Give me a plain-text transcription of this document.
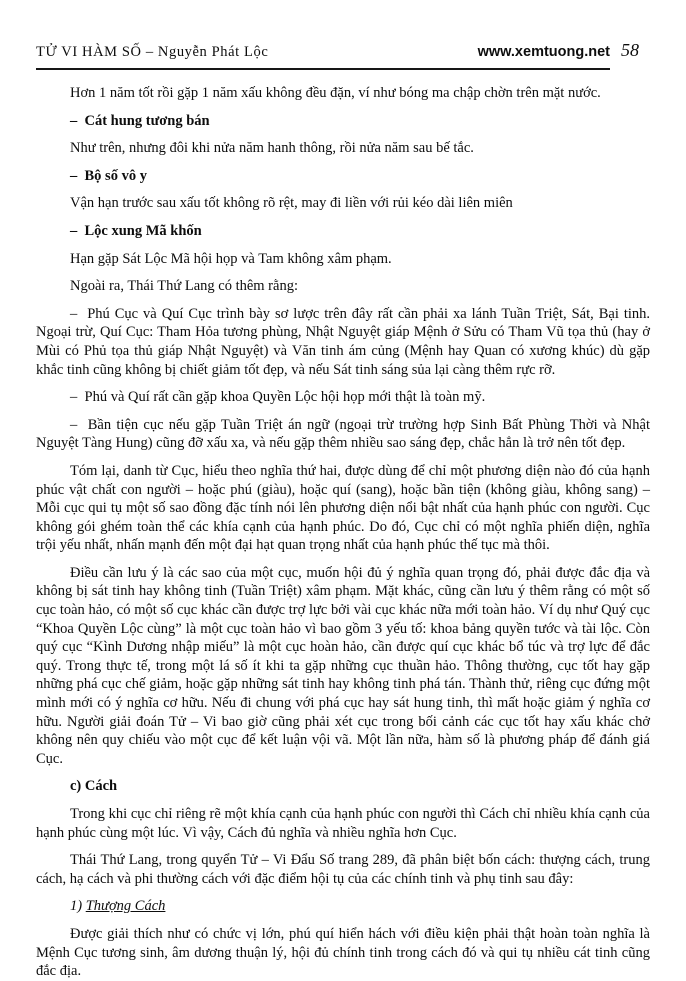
TỬ VI HÀM SỐ – Nguyễn Phát Lộc	www.xemtuong.net 58

Hơn 1 năm tốt rồi gặp 1 năm xấu không đều đặn, ví như bóng ma chập chờn trên mặt nước.

–  Cát hung tương bán

Như trên, nhưng đôi khi nửa năm hanh thông, rồi nửa năm sau bế tắc.

–  Bộ số vô y

Vận hạn trước sau xấu tốt không rõ rệt, may đi liền với rủi kéo dài liên miên

–  Lộc xung Mã khốn

Hạn gặp Sát Lộc Mã hội họp và Tam không xâm phạm.

Ngoài ra, Thái Thứ Lang có thêm rằng:

–  Phú Cục và Quí Cục trình bày sơ lược trên đây rất cần phải xa lánh Tuần Triệt, Sát, Bại tinh. Ngoại trừ, Quí Cục: Tham Hỏa tương phùng, Nhật Nguyệt giáp Mệnh ở Sửu có Tham Vũ tọa thủ (hay ở Mùi có Phủ tọa thủ giáp Nhật Nguyệt) và Văn tinh ám củng (Mệnh hay Quan có xương khúc) dù gặp khắc tinh cũng không bị chiết giảm tốt đẹp, và nếu Sát tinh sáng sủa lại càng thêm rực rỡ.

–  Phú và Quí rất cần gặp khoa Quyền Lộc hội họp mới thật là toàn mỹ.

–  Bần tiện cục nếu gặp Tuần Triệt án ngữ (ngoại trừ trường hợp Sinh Bất Phùng Thời và Nhật Nguyệt Tàng Hung) cũng đỡ xấu xa, và nếu gặp thêm nhiều sao sáng đẹp, chắc hẳn là trở nên tốt đẹp.

Tóm lại, danh từ Cục, hiểu theo nghĩa thứ hai, được dùng để chỉ một phương diện nào đó của hạnh phúc vật chất con người – hoặc phú (giàu), hoặc quí (sang), hoặc bần tiện (không giàu, không sang) – Mỗi cục qui tụ một số sao đồng đặc tính nói lên phương diện nổi bật nhất của hạnh phúc con người. Cục không gói ghém toàn thể các khía cạnh của hạnh phúc. Do đó, Cục chỉ có một nghĩa phiến diện, nghĩa trội yếu nhất, nhấn mạnh đến một đại hạt quan trọng nhất của hạnh phúc thế tục mà thôi.

Điều cần lưu ý là các sao của một cục, muốn hội đủ ý nghĩa quan trọng đó, phải được đắc địa và không bị sát tinh hay không tinh (Tuần Triệt) xâm phạm. Mặt khác, cũng cần lưu ý thêm rằng có một số cục toàn hảo, có một số cục khác cần được trợ lực bởi vài cục khác nữa mới toàn hảo. Ví dụ như Quý cục “Khoa Quyền Lộc cùng” là một cục toàn hảo vì bao gồm 3 yếu tố: khoa bảng quyền tước và tài lộc. Còn quý cục “Kình Dương nhập miếu” là một cục hoàn hảo, cần được quí cục khác bổ túc và trợ lực để đắc quý. Trong thực tế, trong một lá số ít khi ta gặp những cục thuần hảo. Thông thường, cục tốt hay gặp những phá cục chế giảm, hoặc gặp những sát tinh hay không tinh phá tán. Thành thử, riêng cục đứng một mình mới có ý nghĩa cơ hữu. Nếu đi chung với phá cục hay sát hung tinh, thì mất hoặc giảm ý nghĩa cơ hữu. Người giải đoán Tử – Vi bao giờ cũng phải xét cục trong bối cảnh các cục tốt hay xấu khác chở không nên quy chiếu vào một cục để kết luận vội vã. Một lần nữa, hàm số là phương pháp để đánh giá Cục.

c) Cách

Trong khi cục chỉ riêng rẽ một khía cạnh của hạnh phúc con người thì Cách chỉ nhiều khía cạnh của hạnh phúc cùng một lúc. Vì vậy, Cách đủ nghĩa và nhiều nghĩa hơn Cục.

Thái Thứ Lang, trong quyển Tử – Vi Đẩu Số trang 289, đã phân biệt bốn cách: thượng cách, trung cách, hạ cách và phi thường cách với đặc điểm hội tụ của các chính tinh và phụ tinh sau đây:

1) Thượng Cách

Được giải thích như có chức vị lớn, phú quí hiển hách với điều kiện phải thật hoàn toàn nghĩa là Mệnh Cục tương sinh, âm dương thuận lý, hội đủ chính tinh trong cách đó và qui tụ nhiều cát tinh cũng đắc địa.
